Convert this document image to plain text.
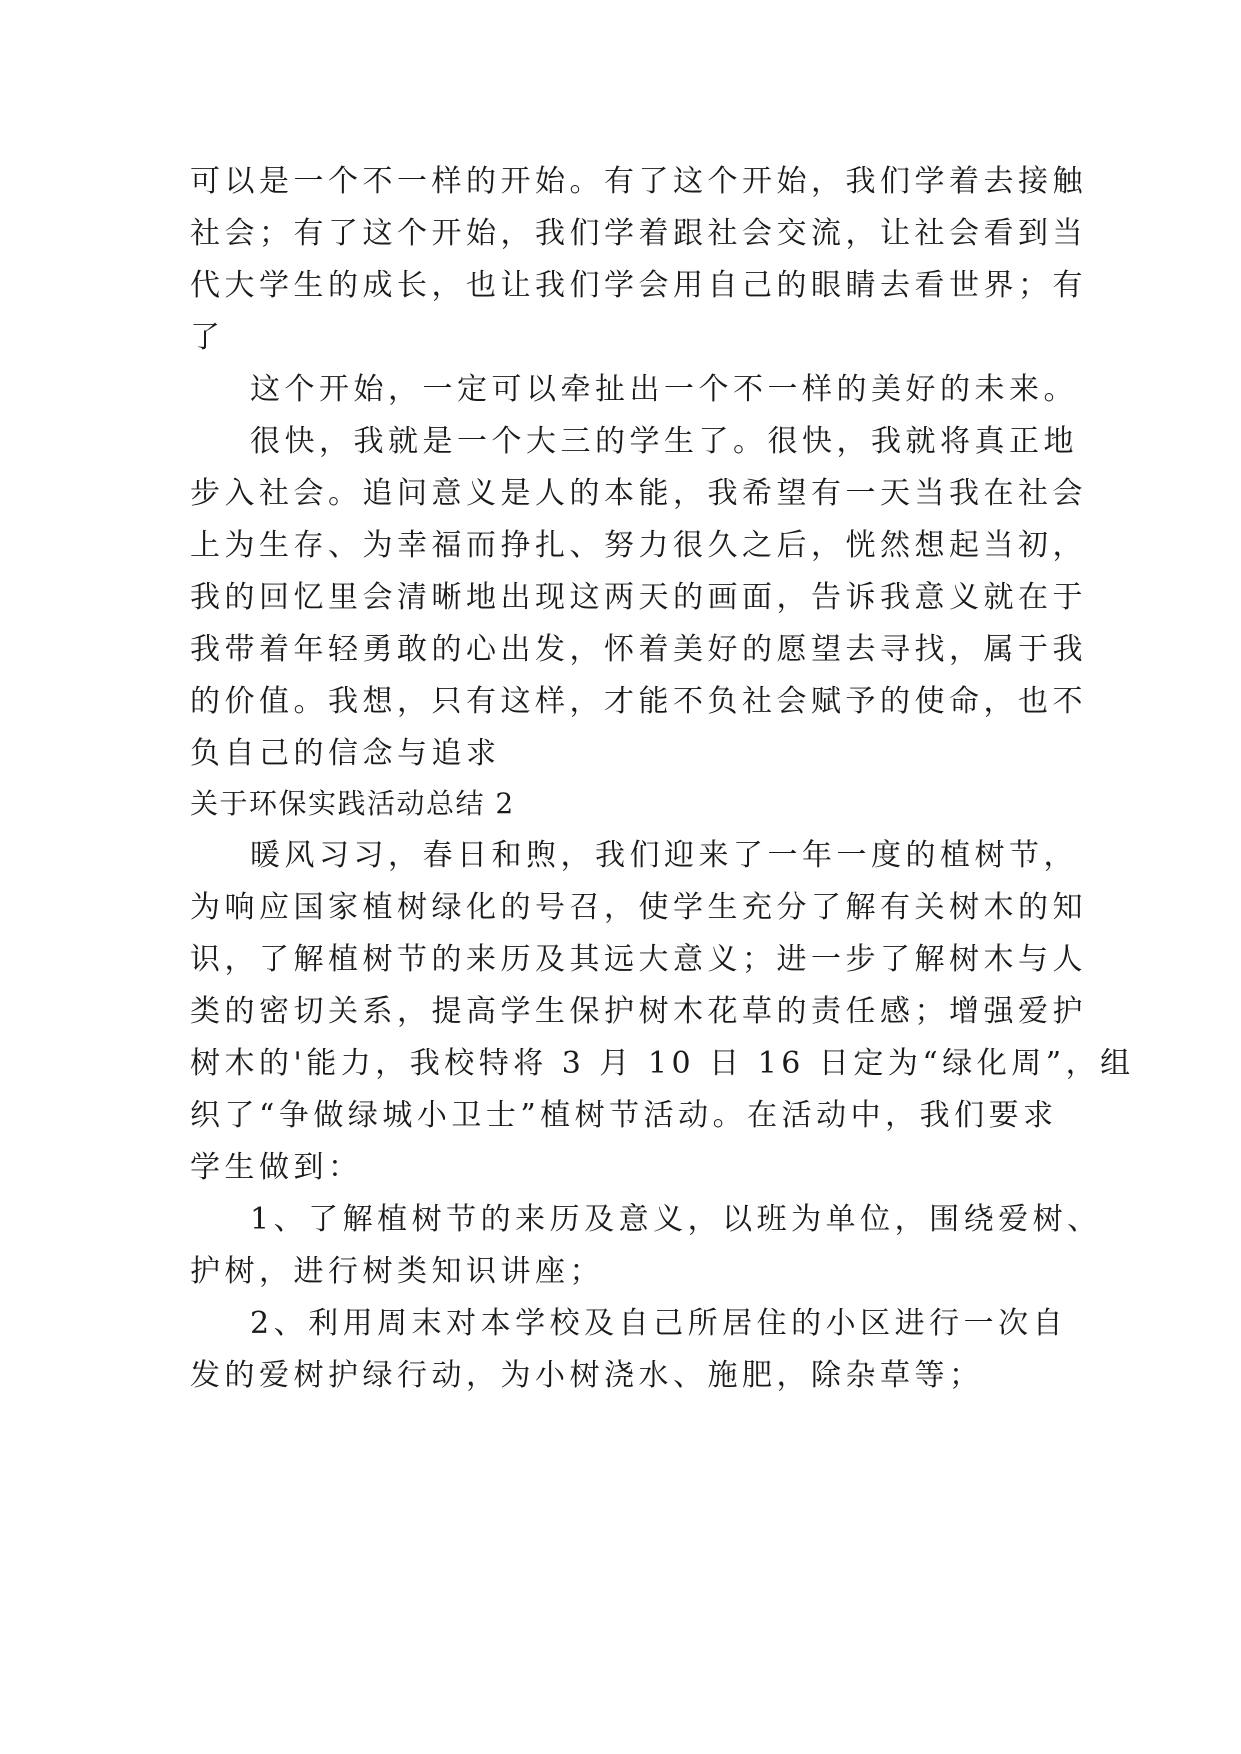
可以是一个不一样的开始。有了这个开始，我们学着去接触

社会；有了这个开始，我们学着跟社会交流，让社会看到当

代大学生的成长，也让我们学会用自己的眼睛去看世界；有

了

这个开始，一定可以牵扯出一个不一样的美好的未来。

很快，我就是一个大三的学生了。很快，我就将真正地

步入社会。追问意义是人的本能，我希望有一天当我在社会

上为生存、为幸福而挣扎、努力很久之后，恍然想起当初，

我的回忆里会清晰地出现这两天的画面，告诉我意义就在于

我带着年轻勇敢的心出发，怀着美好的愿望去寻找，属于我

的价值。我想，只有这样，才能不负社会赋予的使命，也不

负自己的信念与追求

关于环保实践活动总结 2

暖风习习，春日和煦，我们迎来了一年一度的植树节，

为响应国家植树绿化的号召，使学生充分了解有关树木的知

识，了解植树节的来历及其远大意义；进一步了解树木与人

类的密切关系，提高学生保护树木花草的责任感；增强爱护

树木的'能力，我校特将 3 月 10 日 16 日定为“绿化周”，组

织了“争做绿城小卫士”植树节活动。在活动中，我们要求

学生做到：

1、了解植树节的来历及意义，以班为单位，围绕爱树、

护树，进行树类知识讲座；

2、利用周末对本学校及自己所居住的小区进行一次自

发的爱树护绿行动，为小树浇水、施肥，除杂草等；
